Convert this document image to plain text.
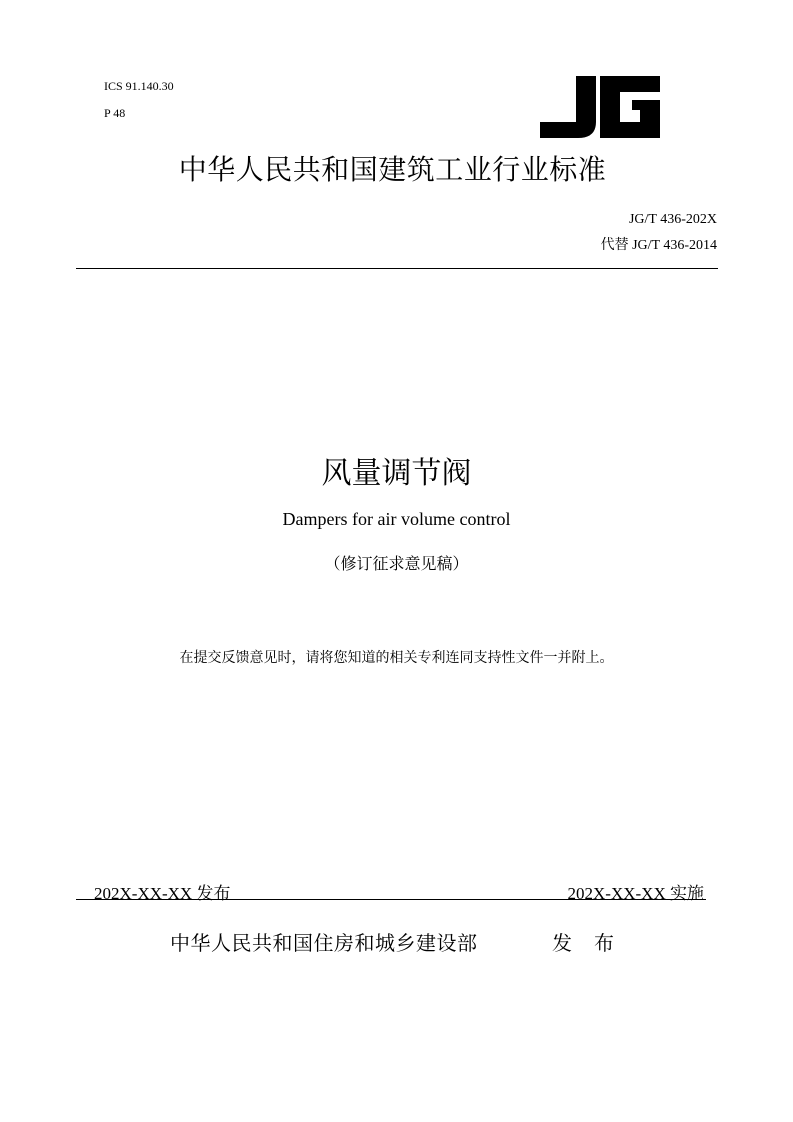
ICS 91.140.30
P 48
中华人民共和国建筑工业行业标准
JG/T 436-202X
代替 JG/T 436-2014
风量调节阀
Dampers for air volume control
（修订征求意见稿）
在提交反馈意见时，请将您知道的相关专利连同支持性文件一并附上。
202X-XX-XX 发布	202X-XX-XX 实施
中华人民共和国住房和城乡建设部	发布
